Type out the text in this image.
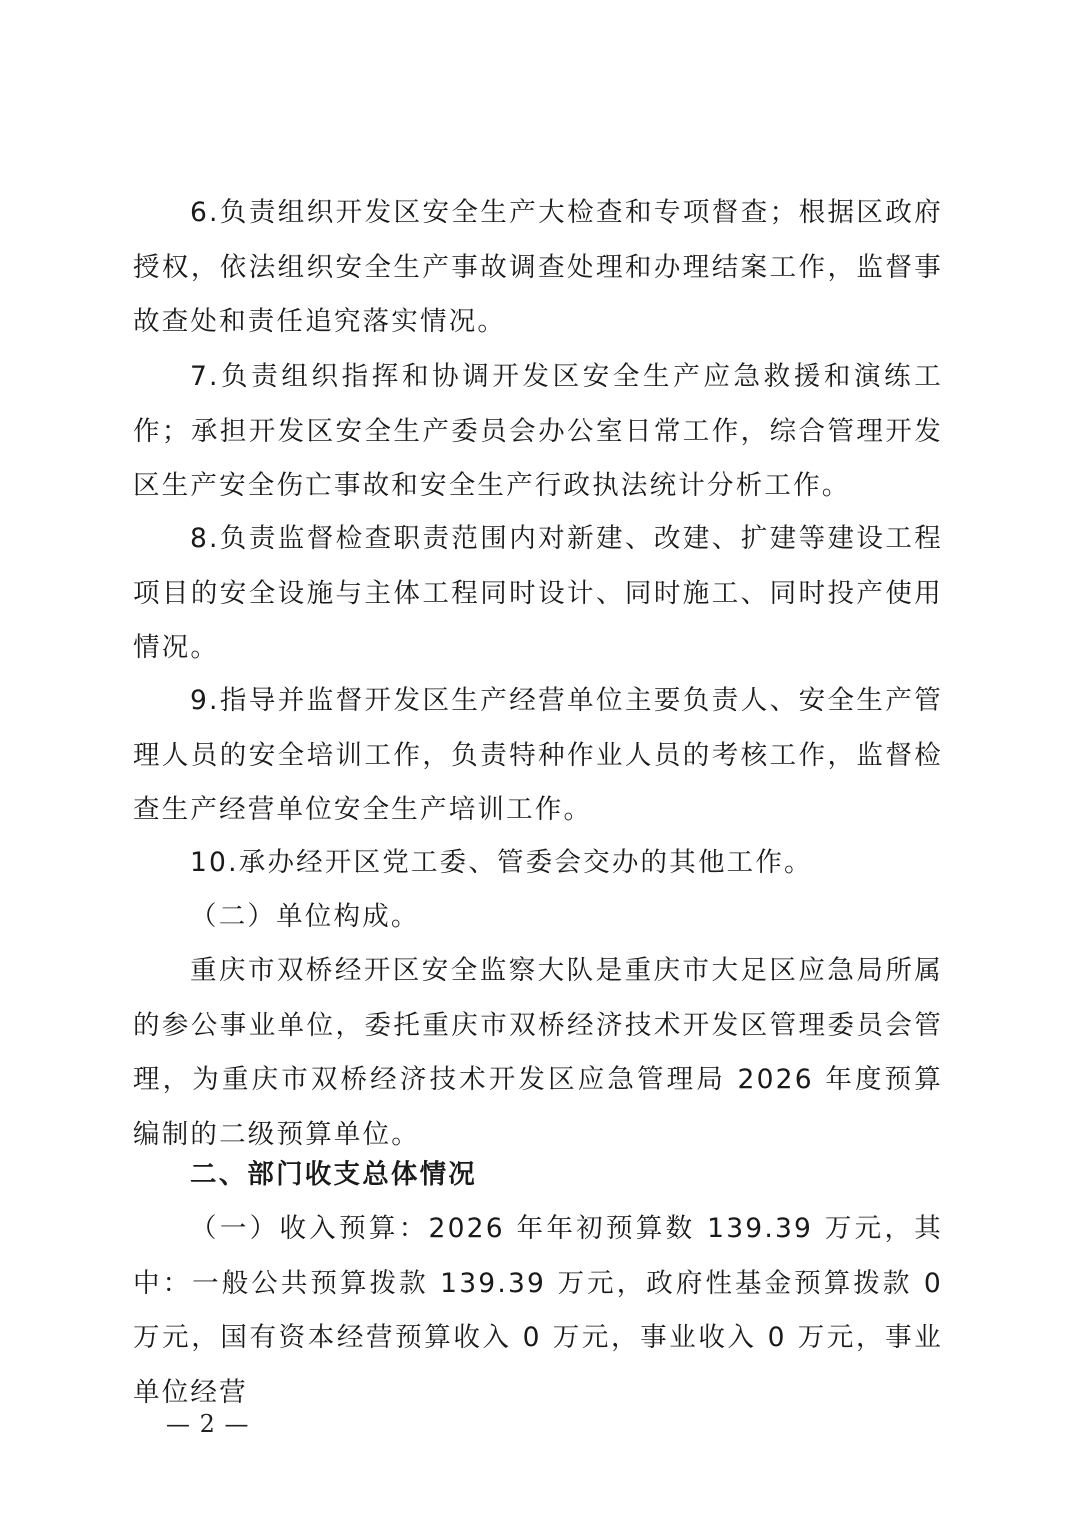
6.负责组织开发区安全生产大检查和专项督查；根据区政府授权，依法组织安全生产事故调查处理和办理结案工作，监督事故查处和责任追究落实情况。

7.负责组织指挥和协调开发区安全生产应急救援和演练工作；承担开发区安全生产委员会办公室日常工作，综合管理开发区生产安全伤亡事故和安全生产行政执法统计分析工作。

8.负责监督检查职责范围内对新建、改建、扩建等建设工程项目的安全设施与主体工程同时设计、同时施工、同时投产使用情况。

9.指导并监督开发区生产经营单位主要负责人、安全生产管理人员的安全培训工作，负责特种作业人员的考核工作，监督检查生产经营单位安全生产培训工作。

10.承办经开区党工委、管委会交办的其他工作。

（二）单位构成。

重庆市双桥经开区安全监察大队是重庆市大足区应急局所属的参公事业单位，委托重庆市双桥经济技术开发区管理委员会管理，为重庆市双桥经济技术开发区应急管理局 2026 年度预算编制的二级预算单位。

二、部门收支总体情况

（一）收入预算：2026 年年初预算数 139.39 万元，其中：一般公共预算拨款 139.39 万元，政府性基金预算拨款 0 万元，国有资本经营预算收入 0 万元，事业收入 0 万元，事业单位经营

— 2 —
